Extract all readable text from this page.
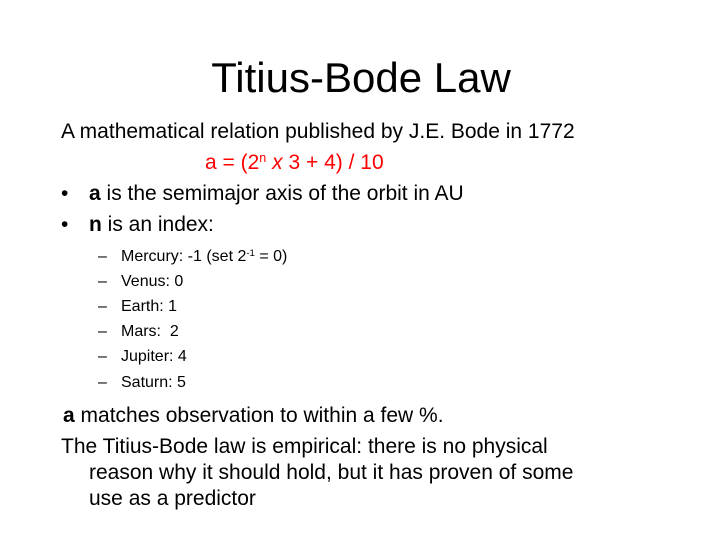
Titius-Bode Law
A mathematical relation published by J.E. Bode in 1772
$a = (2^n$ x 3 + 4) / 10
• a is the semimajor axis of the orbit in AU
• n is an index:
– Mercury: -1 (set $2^{-1} = 0$)
– Venus: 0
– Earth: 1
– Mars:  2
– Jupiter: 4
– Saturn: 5
a matches observation to within a few %.
The Titius-Bode law is empirical: there is no physical
reason why it should hold, but it has proven of some
use as a predictor
